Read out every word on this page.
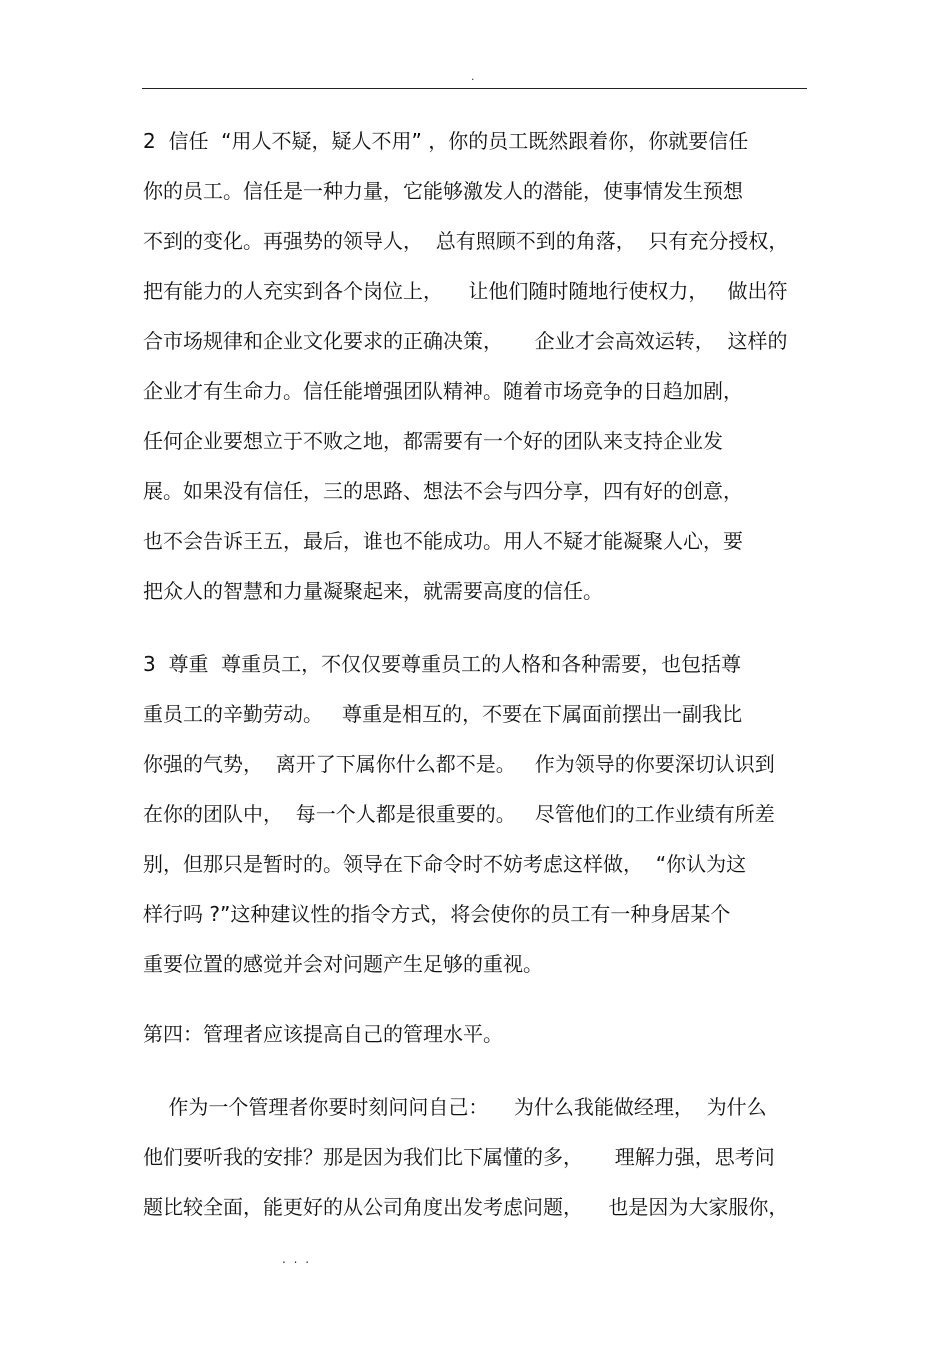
.
2  信任  “用人不疑，疑人不用” ，你的员工既然跟着你，你就要信任
你的员工。信任是一种力量，它能够激发人的潜能，使事情发生预想
不到的变化。再强势的领导人，  总有照顾不到的角落，  只有充分授权，
把有能力的人充实到各个岗位上，    让他们随时随地行使权力，   做出符
合市场规律和企业文化要求的正确决策，     企业才会高效运转，  这样的
企业才有生命力。信任能增强团队精神。随着市场竞争的日趋加剧，
任何企业要想立于不败之地，都需要有一个好的团队来支持企业发
展。如果没有信任，三的思路、想法不会与四分享，四有好的创意，
也不会告诉王五，最后，谁也不能成功。用人不疑才能凝聚人心，要
把众人的智慧和力量凝聚起来，就需要高度的信任。
3  尊重  尊重员工，不仅仅要尊重员工的人格和各种需要，也包括尊
重员工的辛勤劳动。   尊重是相互的，不要在下属面前摆出一副我比
你强的气势，  离开了下属你什么都不是。   作为领导的你要深切认识到
在你的团队中，  每一个人都是很重要的。   尽管他们的工作业绩有所差
别，但那只是暂时的。领导在下命令时不妨考虑这样做，  “你认为这
样行吗 ?”这种建议性的指令方式，将会使你的员工有一种身居某个
重要位置的感觉并会对问题产生足够的重视。
第四：管理者应该提高自己的管理水平。
作为一个管理者你要时刻问问自己：    为什么我能做经理，  为什么
他们要听我的安排？那是因为我们比下属懂的多，     理解力强，思考问
题比较全面，能更好的从公司角度出发考虑问题，    也是因为大家服你，
. . .
